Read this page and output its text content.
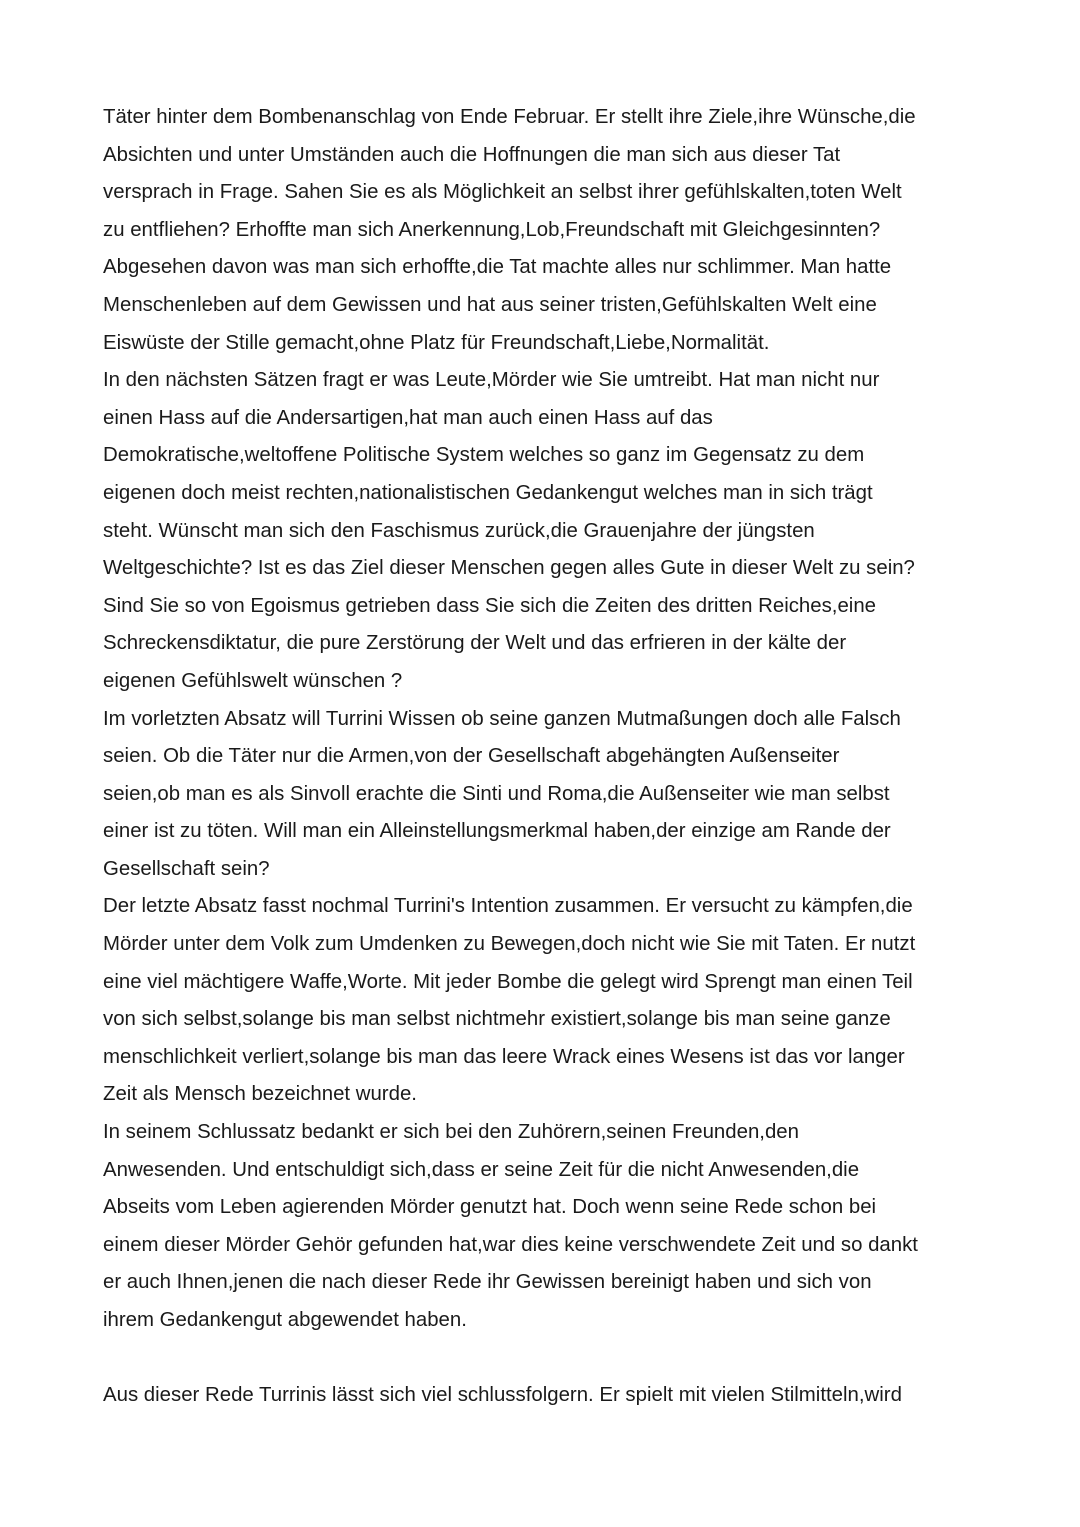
Täter hinter dem Bombenanschlag von Ende Februar. Er stellt ihre Ziele,ihre Wünsche,die
Absichten und unter Umständen auch die Hoffnungen die man sich aus dieser Tat
versprach in Frage. Sahen Sie es als Möglichkeit an selbst ihrer gefühlskalten,toten Welt
zu entfliehen? Erhoffte man sich Anerkennung,Lob,Freundschaft mit Gleichgesinnten?
Abgesehen davon was man sich erhoffte,die Tat machte alles nur schlimmer. Man hatte
Menschenleben auf dem Gewissen und hat aus seiner tristen,Gefühlskalten Welt eine
Eiswüste der Stille gemacht,ohne Platz für Freundschaft,Liebe,Normalität.
In den nächsten Sätzen fragt er was Leute,Mörder wie Sie umtreibt. Hat man nicht nur
einen Hass auf die Andersartigen,hat man auch einen Hass auf das
Demokratische,weltoffene Politische System welches so ganz im Gegensatz zu dem
eigenen doch meist rechten,nationalistischen Gedankengut welches man in sich trägt
steht. Wünscht man sich den Faschismus zurück,die Grauenjahre der jüngsten
Weltgeschichte? Ist es das Ziel dieser Menschen gegen alles Gute in dieser Welt zu sein?
Sind Sie so von Egoismus getrieben dass Sie sich die Zeiten des dritten Reiches,eine
Schreckensdiktatur, die pure Zerstörung der Welt und das erfrieren in der kälte der
eigenen Gefühlswelt wünschen ?
Im vorletzten Absatz will Turrini Wissen ob seine ganzen Mutmaßungen doch alle Falsch
seien. Ob die Täter nur die Armen,von der Gesellschaft abgehängten Außenseiter
seien,ob man es als Sinvoll erachte die Sinti und Roma,die Außenseiter wie man selbst
einer ist zu töten. Will man ein Alleinstellungsmerkmal haben,der einzige am Rande der
Gesellschaft sein?
Der letzte Absatz fasst nochmal Turrini's Intention zusammen. Er versucht zu kämpfen,die
Mörder unter dem Volk zum Umdenken zu Bewegen,doch nicht wie Sie mit Taten. Er nutzt
eine viel mächtigere Waffe,Worte. Mit jeder Bombe die gelegt wird Sprengt man einen Teil
von sich selbst,solange bis man selbst nichtmehr existiert,solange bis man seine ganze
menschlichkeit verliert,solange bis man das leere Wrack eines Wesens ist das vor langer
Zeit als Mensch bezeichnet wurde.
In seinem Schlussatz bedankt er sich bei den Zuhörern,seinen Freunden,den
Anwesenden. Und entschuldigt sich,dass er seine Zeit für die nicht Anwesenden,die
Abseits vom Leben agierenden Mörder genutzt hat. Doch wenn seine Rede schon bei
einem dieser Mörder Gehör gefunden hat,war dies keine verschwendete Zeit und so dankt
er auch Ihnen,jenen die nach dieser Rede ihr Gewissen bereinigt haben und sich von
ihrem Gedankengut abgewendet haben.
Aus dieser Rede Turrinis lässt sich viel schlussfolgern. Er spielt mit vielen Stilmitteln,wird
